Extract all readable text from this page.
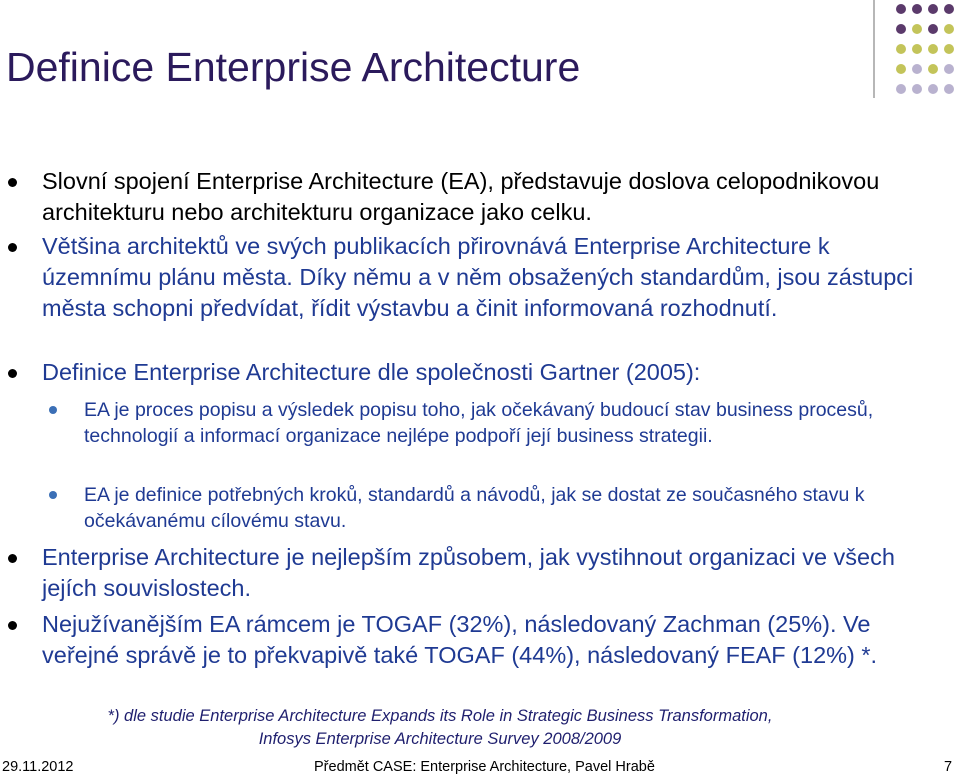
Definice Enterprise Architecture
Slovní spojení Enterprise Architecture (EA), představuje doslova celopodnikovou architekturu nebo architekturu organizace jako celku.
Většina architektů ve svých publikacích přirovnává Enterprise Architecture k územnímu plánu města. Díky němu a v něm obsažených standardům, jsou zástupci města schopni předvídat, řídit výstavbu a činit informovaná rozhodnutí.
Definice Enterprise Architecture dle společnosti Gartner (2005):
EA je proces popisu a výsledek popisu toho, jak očekávaný budoucí stav business procesů, technologií a informací organizace nejlépe podpoří její business strategii.
EA je definice potřebných kroků, standardů a návodů, jak se dostat ze současného stavu k očekávanému cílovému stavu.
Enterprise Architecture je nejlepším způsobem, jak vystihnout organizaci ve všech jejích souvislostech.
Nejužívanějším EA rámcem je TOGAF (32%), následovaný Zachman (25%). Ve veřejné správě je to překvapivě také TOGAF (44%), následovaný FEAF (12%) *.
*) dle studie Enterprise Architecture Expands its Role in Strategic Business Transformation,
Infosys Enterprise Architecture Survey 2008/2009
29.11.2012	Předmět CASE: Enterprise Architecture, Pavel Hrabě	7
